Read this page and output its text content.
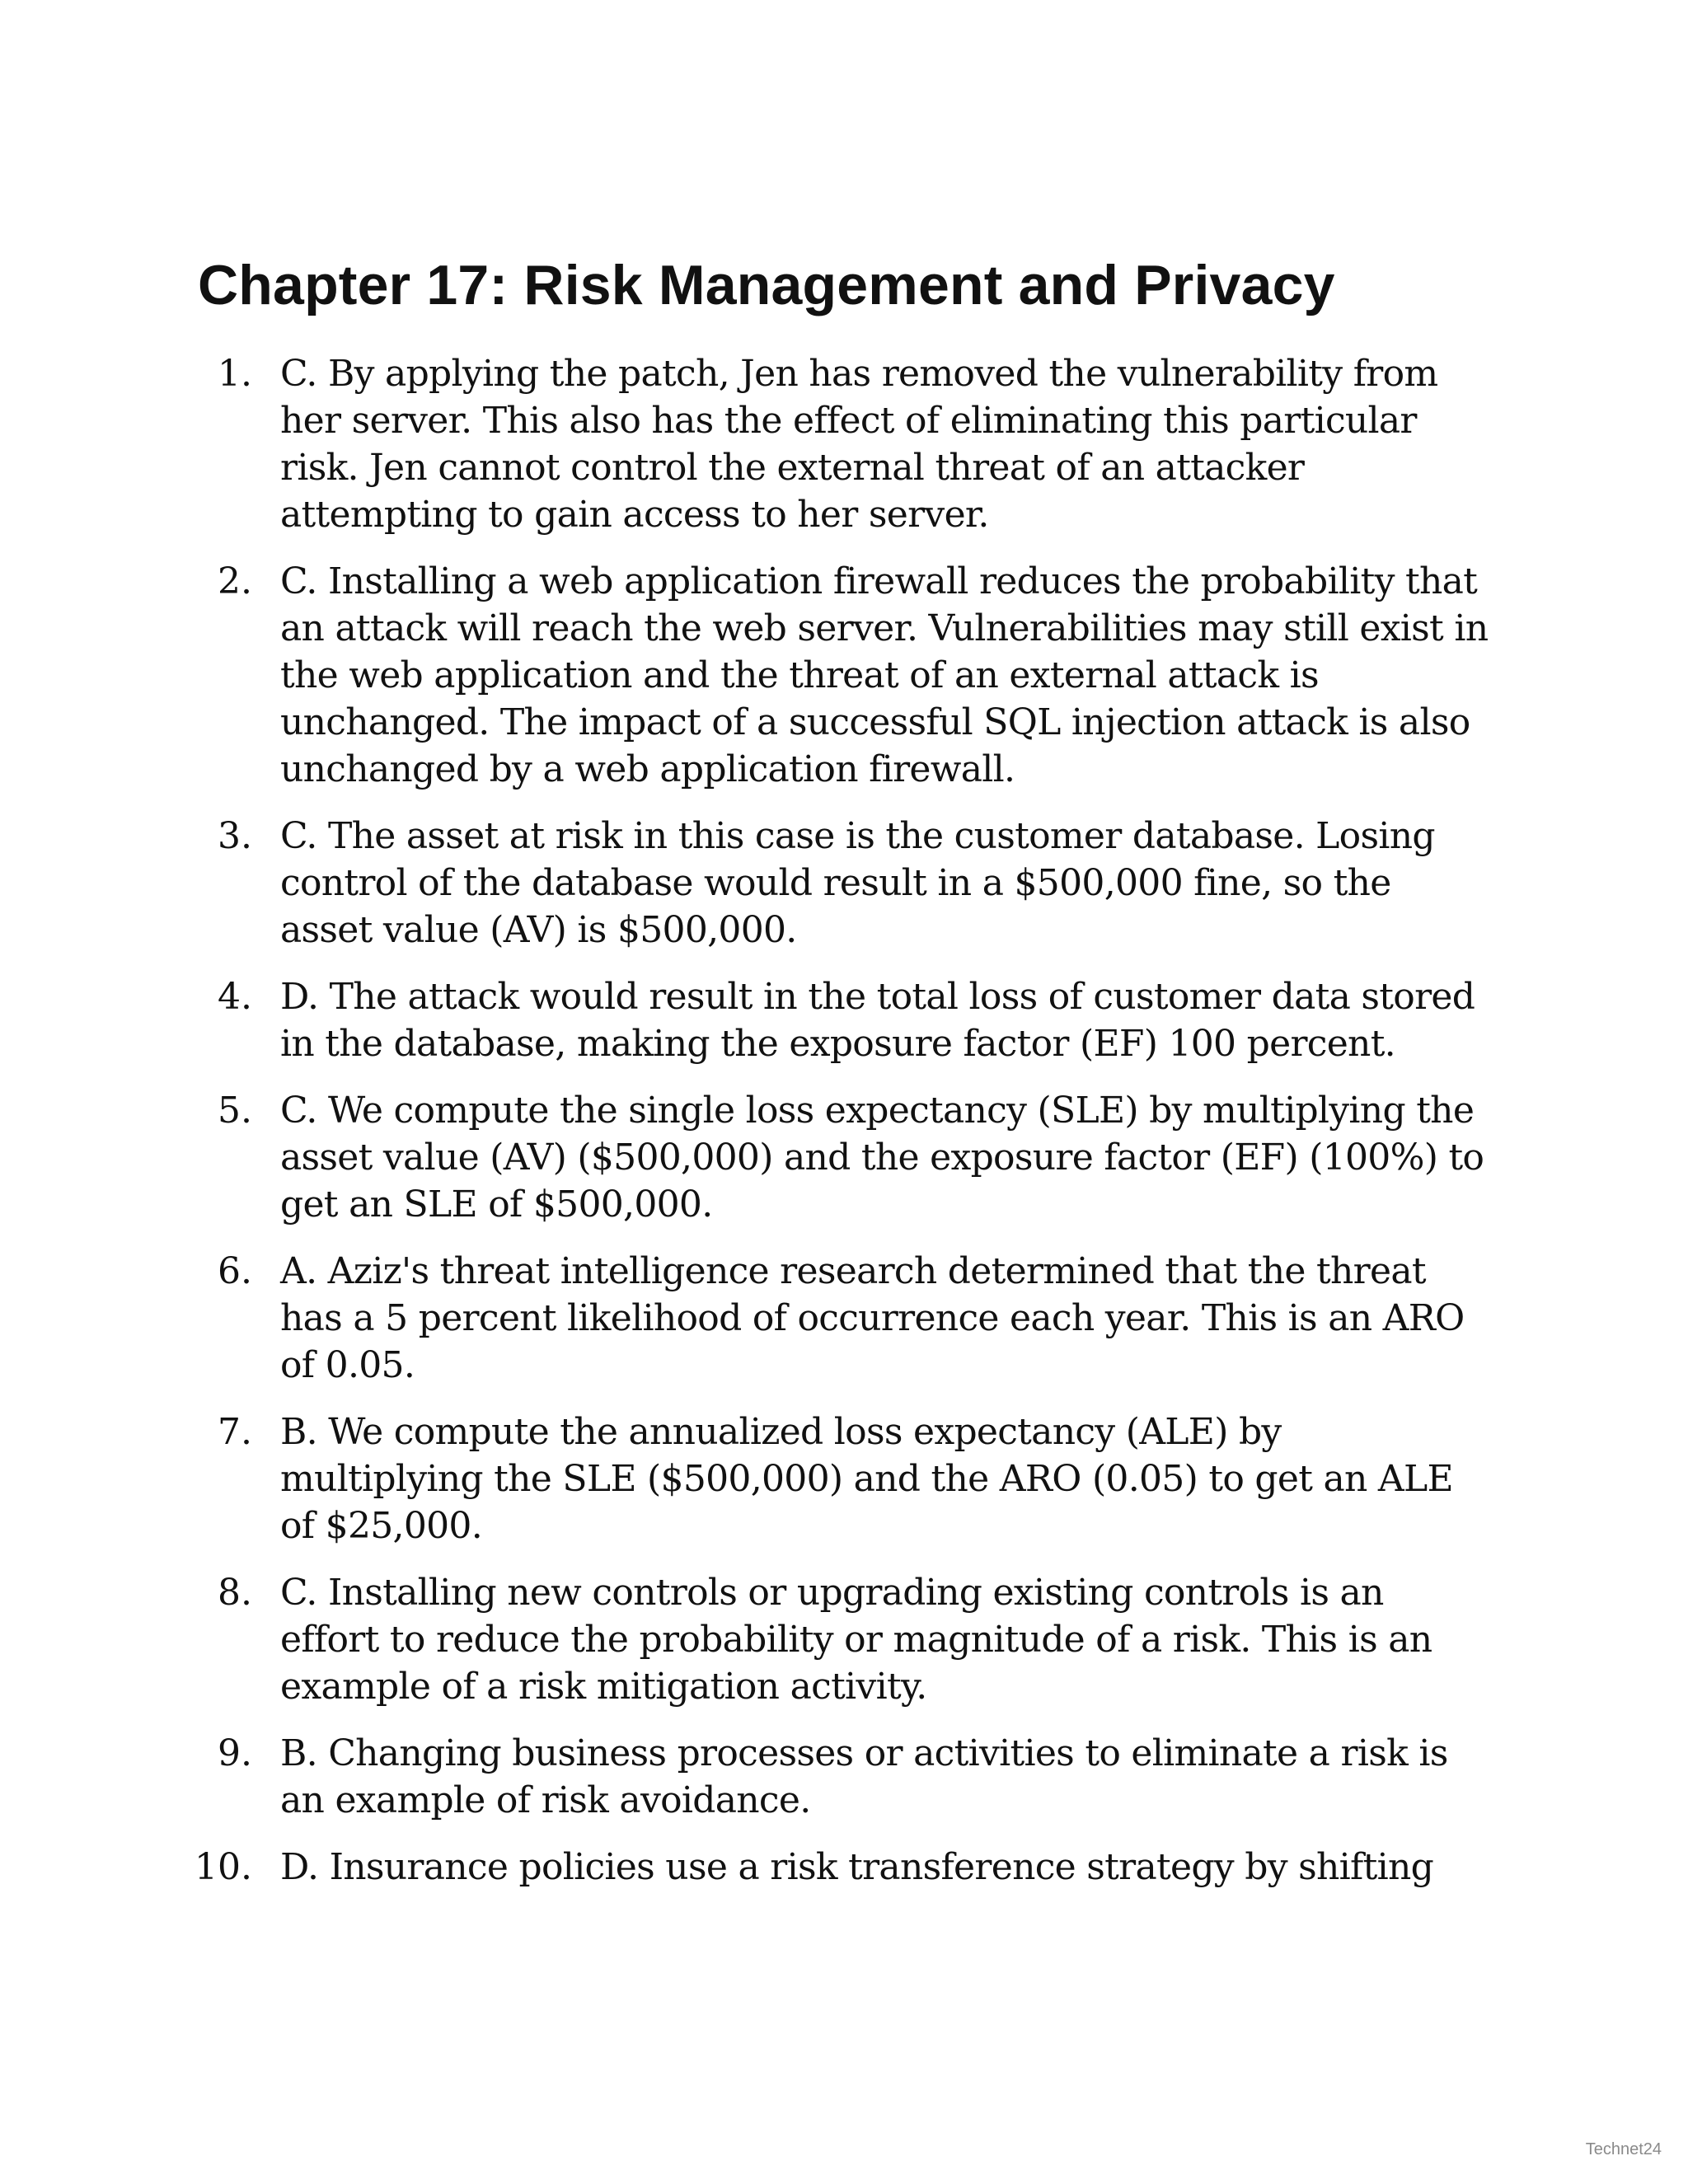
Chapter 17: Risk Management and Privacy
1. C. By applying the patch, Jen has removed the vulnerability from her server. This also has the effect of eliminating this particular risk. Jen cannot control the external threat of an attacker attempting to gain access to her server.
2. C. Installing a web application firewall reduces the probability that an attack will reach the web server. Vulnerabilities may still exist in the web application and the threat of an external attack is unchanged. The impact of a successful SQL injection attack is also unchanged by a web application firewall.
3. C. The asset at risk in this case is the customer database. Losing control of the database would result in a $500,000 fine, so the asset value (AV) is $500,000.
4. D. The attack would result in the total loss of customer data stored in the database, making the exposure factor (EF) 100 percent.
5. C. We compute the single loss expectancy (SLE) by multiplying the asset value (AV) ($500,000) and the exposure factor (EF) (100%) to get an SLE of $500,000.
6. A. Aziz's threat intelligence research determined that the threat has a 5 percent likelihood of occurrence each year. This is an ARO of 0.05.
7. B. We compute the annualized loss expectancy (ALE) by multiplying the SLE ($500,000) and the ARO (0.05) to get an ALE of $25,000.
8. C. Installing new controls or upgrading existing controls is an effort to reduce the probability or magnitude of a risk. This is an example of a risk mitigation activity.
9. B. Changing business processes or activities to eliminate a risk is an example of risk avoidance.
10. D. Insurance policies use a risk transference strategy by shifting
Technet24
